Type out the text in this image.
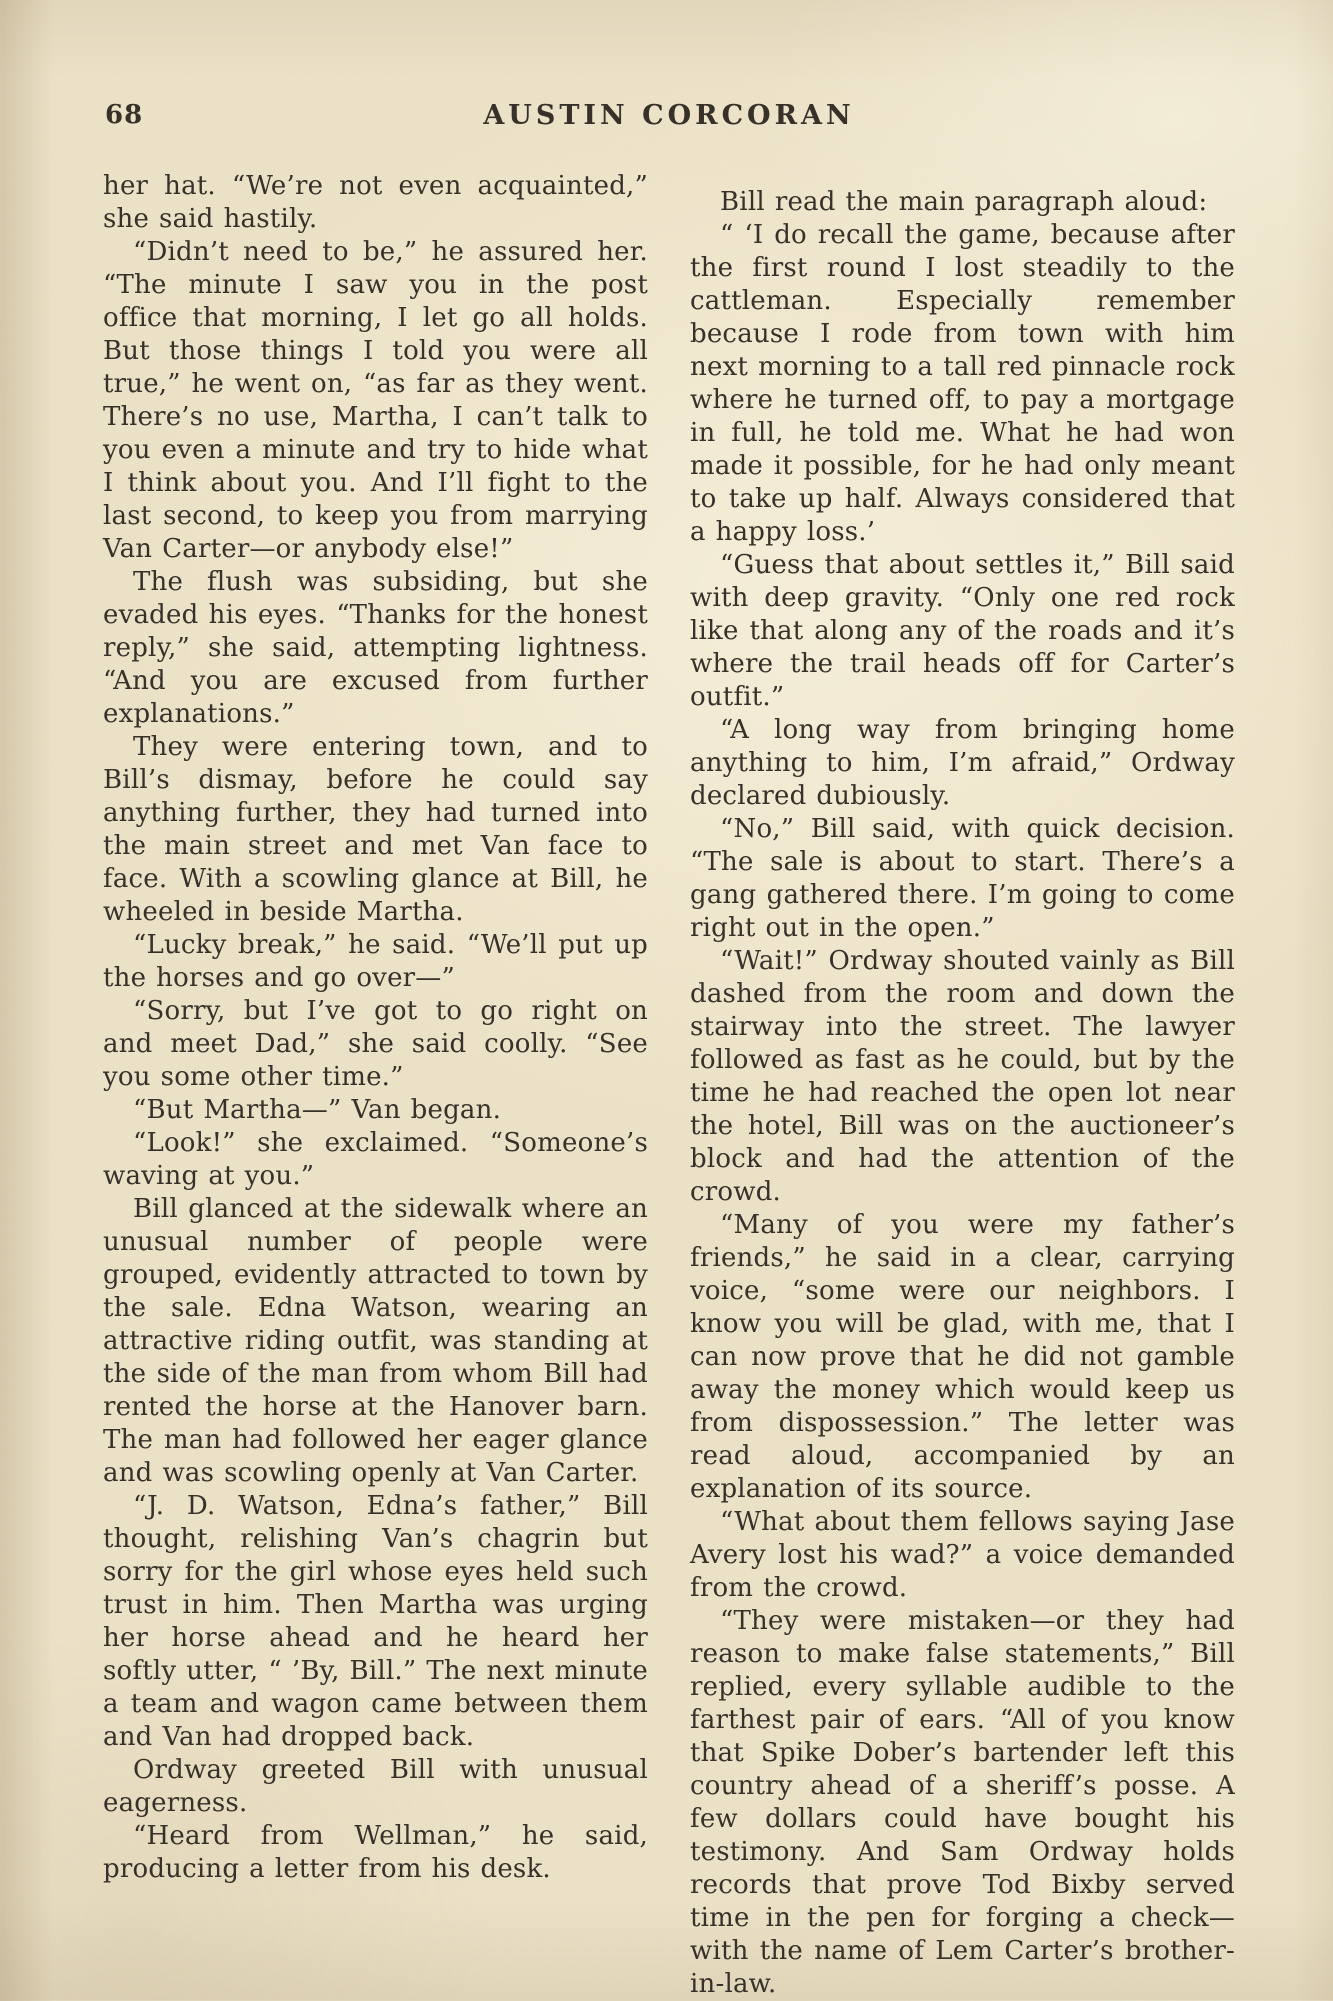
68	AUSTIN CORCORAN

her hat. “We’re not even acquainted,” she said hastily.

“Didn’t need to be,” he assured her. “The minute I saw you in the post office that morning, I let go all holds. But those things I told you were all true,” he went on, “as far as they went. There’s no use, Martha, I can’t talk to you even a minute and try to hide what I think about you. And I’ll fight to the last second, to keep you from marrying Van Carter—or anybody else!”

The flush was subsiding, but she evaded his eyes. “Thanks for the honest reply,” she said, attempting lightness. “And you are excused from further explanations.”

They were entering town, and to Bill’s dismay, before he could say anything further, they had turned into the main street and met Van face to face. With a scowling glance at Bill, he wheeled in beside Martha.

“Lucky break,” he said. “We’ll put up the horses and go over—”

“Sorry, but I’ve got to go right on and meet Dad,” she said coolly. “See you some other time.”

“But Martha—” Van began.

“Look!” she exclaimed. “Someone’s waving at you.”

Bill glanced at the sidewalk where an unusual number of people were grouped, evidently attracted to town by the sale. Edna Watson, wearing an attractive riding outfit, was standing at the side of the man from whom Bill had rented the horse at the Hanover barn. The man had followed her eager glance and was scowling openly at Van Carter.

“J. D. Watson, Edna’s father,” Bill thought, relishing Van’s chagrin but sorry for the girl whose eyes held such trust in him. Then Martha was urging her horse ahead and he heard her softly utter, “ ’By, Bill.” The next minute a team and wagon came between them and Van had dropped back.

Ordway greeted Bill with unusual eagerness.

“Heard from Wellman,” he said, producing a letter from his desk.

Bill read the main paragraph aloud:

“ ‘I do recall the game, because after the first round I lost steadily to the cattleman. Especially remember because I rode from town with him next morning to a tall red pinnacle rock where he turned off, to pay a mortgage in full, he told me. What he had won made it possible, for he had only meant to take up half. Always considered that a happy loss.’

“Guess that about settles it,” Bill said with deep gravity. “Only one red rock like that along any of the roads and it’s where the trail heads off for Carter’s outfit.”

“A long way from bringing home anything to him, I’m afraid,” Ordway declared dubiously.

“No,” Bill said, with quick decision. “The sale is about to start. There’s a gang gathered there. I’m going to come right out in the open.”

“Wait!” Ordway shouted vainly as Bill dashed from the room and down the stairway into the street. The lawyer followed as fast as he could, but by the time he had reached the open lot near the hotel, Bill was on the auctioneer’s block and had the attention of the crowd.

“Many of you were my father’s friends,” he said in a clear, carrying voice, “some were our neighbors. I know you will be glad, with me, that I can now prove that he did not gamble away the money which would keep us from dispossession.” The letter was read aloud, accompanied by an explanation of its source.

“What about them fellows saying Jase Avery lost his wad?” a voice demanded from the crowd.

“They were mistaken—or they had reason to make false statements,” Bill replied, every syllable audible to the farthest pair of ears. “All of you know that Spike Dober’s bartender left this country ahead of a sheriff’s posse. A few dollars could have bought his testimony. And Sam Ordway holds records that prove Tod Bixby served time in the pen for forging a check—with the name of Lem Carter’s brother-in-law.
